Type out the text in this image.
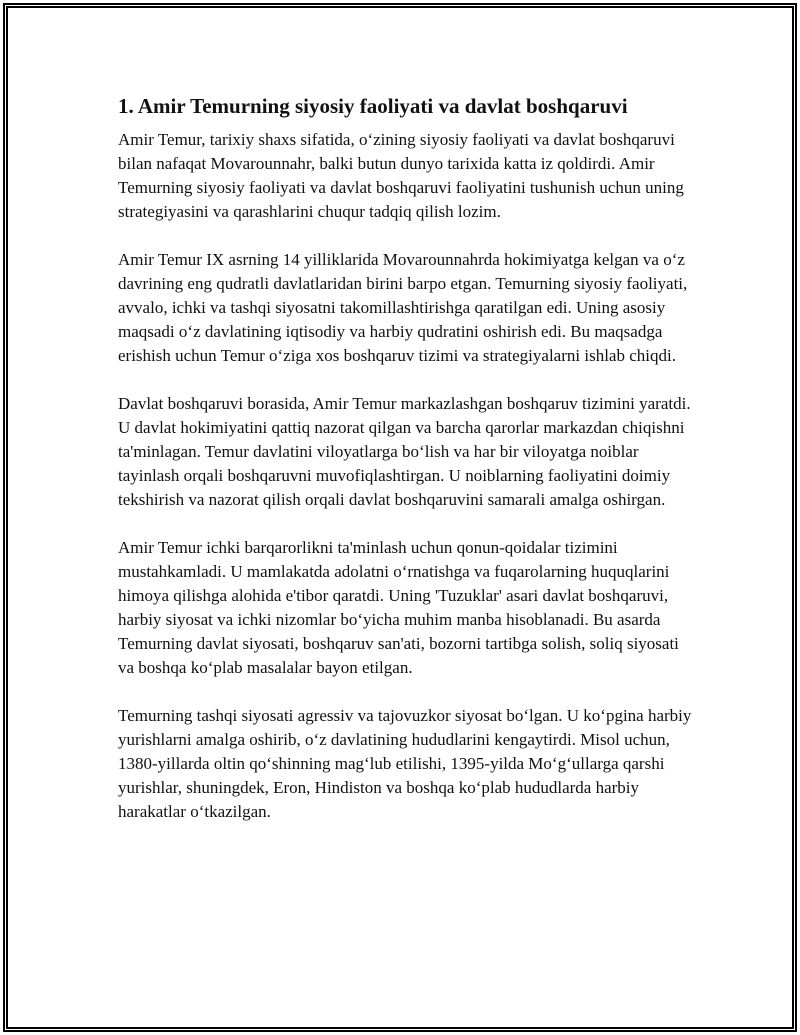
1. Amir Temurning siyosiy faoliyati va davlat boshqaruvi

Amir Temur, tarixiy shaxs sifatida, o‘zining siyosiy faoliyati va davlat boshqaruvi bilan nafaqat Movarounnahr, balki butun dunyo tarixida katta iz qoldirdi. Amir Temurning siyosiy faoliyati va davlat boshqaruvi faoliyatini tushunish uchun uning strategiyasini va qarashlarini chuqur tadqiq qilish lozim.

Amir Temur IX asrning 14 yilliklarida Movarounnahrda hokimiyatga kelgan va o‘z davrining eng qudratli davlatlaridan birini barpo etgan. Temurning siyosiy faoliyati, avvalo, ichki va tashqi siyosatni takomillashtirishga qaratilgan edi. Uning asosiy maqsadi o‘z davlatining iqtisodiy va harbiy qudratini oshirish edi. Bu maqsadga erishish uchun Temur o‘ziga xos boshqaruv tizimi va strategiyalarni ishlab chiqdi.

Davlat boshqaruvi borasida, Amir Temur markazlashgan boshqaruv tizimini yaratdi. U davlat hokimiyatini qattiq nazorat qilgan va barcha qarorlar markazdan chiqishni ta'minlagan. Temur davlatini viloyatlarga bo‘lish va har bir viloyatga noiblar tayinlash orqali boshqaruvni muvofiqlashtirgan. U noiblarning faoliyatini doimiy tekshirish va nazorat qilish orqali davlat boshqaruvini samarali amalga oshirgan.

Amir Temur ichki barqarorlikni ta'minlash uchun qonun-qoidalar tizimini mustahkamladi. U mamlakatda adolatni o‘rnatishga va fuqarolarning huquqlarini himoya qilishga alohida e'tibor qaratdi. Uning 'Tuzuklar' asari davlat boshqaruvi, harbiy siyosat va ichki nizomlar bo‘yicha muhim manba hisoblanadi. Bu asarda Temurning davlat siyosati, boshqaruv san'ati, bozorni tartibga solish, soliq siyosati va boshqa ko‘plab masalalar bayon etilgan.

Temurning tashqi siyosati agressiv va tajovuzkor siyosat bo‘lgan. U ko‘pgina harbiy yurishlarni amalga oshirib, o‘z davlatining hududlarini kengaytirdi. Misol uchun, 1380-yillarda oltin qo‘shinning mag‘lub etilishi, 1395-yilda Mo‘g‘ullarga qarshi yurishlar, shuningdek, Eron, Hindiston va boshqa ko‘plab hududlarda harbiy harakatlar o‘tkazilgan.
